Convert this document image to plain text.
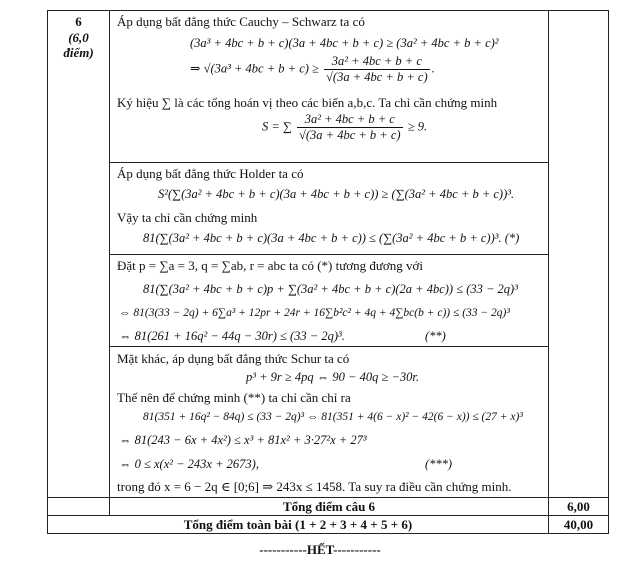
6
(6,0
điểm)
Áp dụng bất đẳng thức Cauchy – Schwarz ta có
(3a³ + 4bc + b + c)(3a + 4bc + b + c) ≥ (3a² + 4bc + b + c)²
⇒ $√(3a^3 + 4bc + b + c) \ge \frac{\text{3a² + 4bc + b + c}}{√(3a + 4bc + b + c)}$ .
Ký hiệu ∑ là các tổng hoán vị theo các biến a,b,c. Ta chỉ cần chứng minh
S = ∑ $\frac{\text{3a² + 4bc + b + c}}{√(3a + 4bc + b + c)} \ge 9$.
Áp dụng bất đẳng thức Holder ta có
S²(∑(3a² + 4bc + b + c)(3a + 4bc + b + c)) ≥ (∑(3a² + 4bc + b + c))³.
Vậy ta chỉ cần chứng minh
81(∑(3a² + 4bc + b + c)(3a + 4bc + b + c)) ≤ (∑(3a² + 4bc + b + c))³. (*)
Đặt p = ∑a = 3, q = ∑ab, r = abc ta có (*) tương đương với
81(∑(3a² + 4bc + b + c)p + ∑(3a² + 4bc + b + c)(2a + 4bc)) ≤ (33 − 2q)³
⇔ 81(3(33 − 2q) + 6∑a³ + 12pr + 24r + 16∑b²c² + 4q + 4∑bc(b + c)) ≤ (33 − 2q)³
⇔ 81(261 + 16q² − 44q − 30r) ≤ (33 − 2q)³.	(**)
Mặt khác, áp dụng bất đẳng thức Schur ta có
p³ + 9r ≥ 4pq ⇔ 90 − 40q ≥ −30r.
Thế nên để chứng minh (**) ta chỉ cần chỉ ra
81(351 + 16q² − 84q) ≤ (33 − 2q)³ ⇔ 81(351 + 4(6 − x)² − 42(6 − x)) ≤ (27 + x)³
⇔ 81(243 − 6x + 4x²) ≤ x³ + 81x² + 3·27²x + 27³
⇔ 0 ≤ x(x² − 243x + 2673),	(***)
trong đó x = 6 − 2q ∈ [0;6] ⇒ 243x ≤ 1458. Ta suy ra điều cần chứng minh.
Tổng điểm câu 6	6,00
Tổng điểm toàn bài (1 + 2 + 3 + 4 + 5 + 6)	40,00
-----------HẾT-----------
